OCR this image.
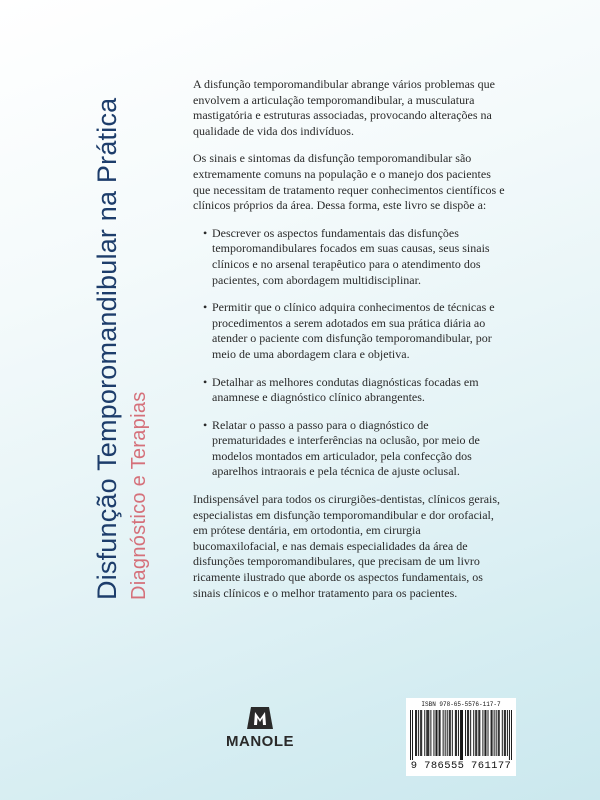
Disfunção Temporomandibular na Prática Diagnóstico e Terapias

A disfunção temporomandibular abrange vários problemas que envolvem a articulação temporomandibular, a musculatura mastigatória e estruturas associadas, provocando alterações na qualidade de vida dos indivíduos.

Os sinais e sintomas da disfunção temporomandibular são extremamente comuns na população e o manejo dos pacientes que necessitam de tratamento requer conhecimentos científicos e clínicos próprios da área. Dessa forma, este livro se dispõe a:

• Descrever os aspectos fundamentais das disfunções temporomandibulares focados em suas causas, seus sinais clínicos e no arsenal terapêutico para o atendimento dos pacientes, com abordagem multidisciplinar.
• Permitir que o clínico adquira conhecimentos de técnicas e procedimentos a serem adotados em sua prática diária ao atender o paciente com disfunção temporomandibular, por meio de uma abordagem clara e objetiva.
• Detalhar as melhores condutas diagnósticas focadas em anamnese e diagnóstico clínico abrangentes.
• Relatar o passo a passo para o diagnóstico de prematuridades e interferências na oclusão, por meio de modelos montados em articulador, pela confecção dos aparelhos intraorais e pela técnica de ajuste oclusal.

Indispensável para todos os cirurgiões-dentistas, clínicos gerais, especialistas em disfunção temporomandibular e dor orofacial, em prótese dentária, em ortodontia, em cirurgia bucomaxilofacial, e nas demais especialidades da área de disfunções temporomandibulares, que precisam de um livro ricamente ilustrado que aborde os aspectos fundamentais, os sinais clínicos e o melhor tratamento para os pacientes.

MANOLE
ISBN 978-65-5576-117-7
9 786555 761177
